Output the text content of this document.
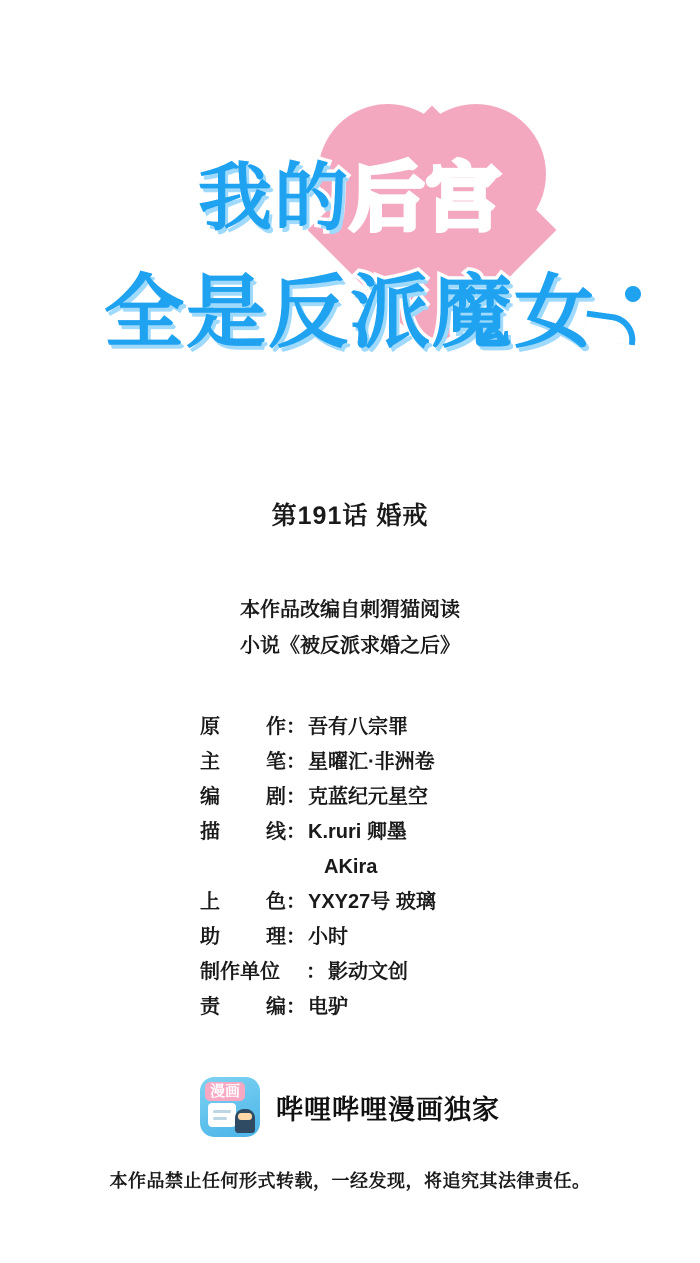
我的后宫
全是反派魔女
第191话 婚戒
本作品改编自刺猬猫阅读
小说《被反派求婚之后》
原作 ： 吾有八宗罪
主笔 ： 星曜汇·非洲卷
编剧 ： 克蓝纪元星空
描线 ： K.ruri 卿墨
AKira
上色 ： YXY27号 玻璃
助理 ： 小时
制作单位	： 影动文创
责编 ： 电驴
漫画
哔哩哔哩漫画独家
本作品禁止任何形式转载，一经发现，将追究其法律责任。
